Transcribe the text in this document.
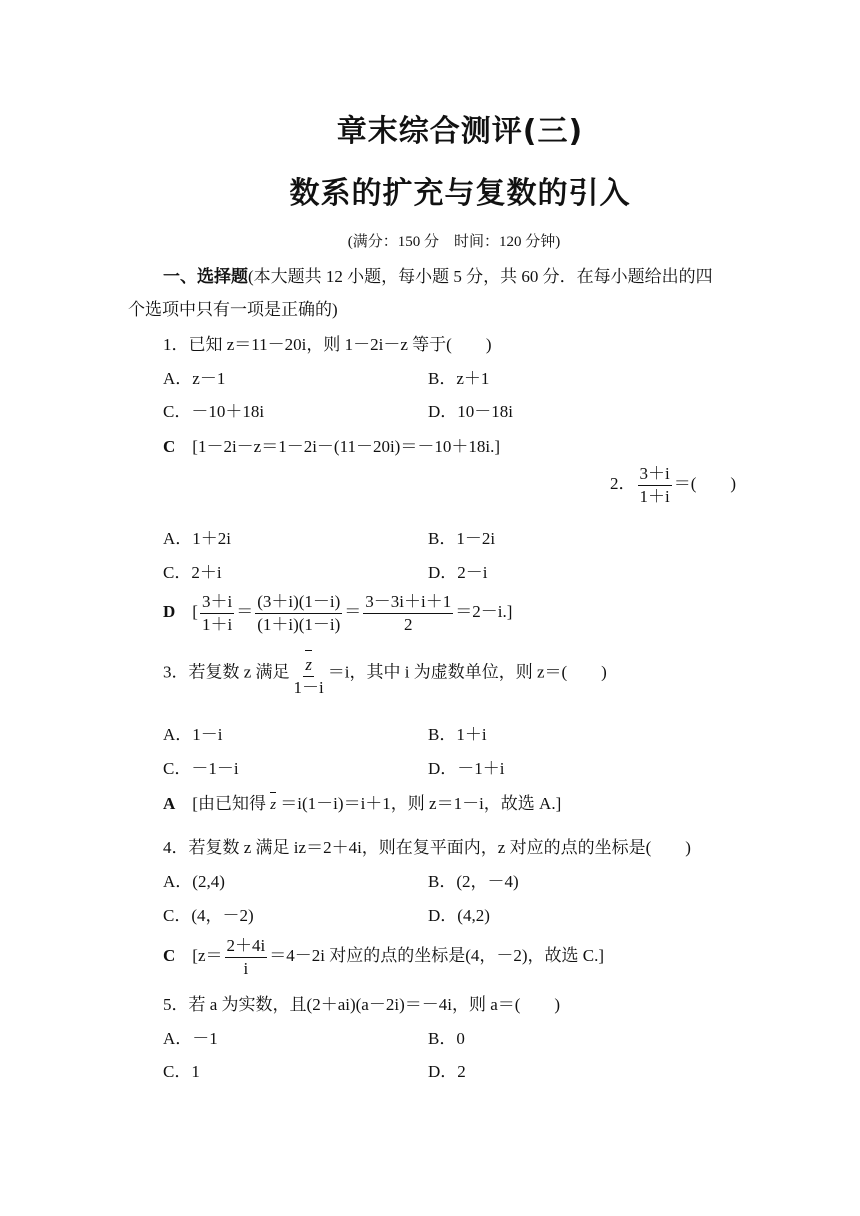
章末综合测评(三)
数系的扩充与复数的引入
(满分：150 分　时间：120 分钟)
一、选择题(本大题共 12 小题，每小题 5 分，共 60 分．在每小题给出的四
个选项中只有一项是正确的)
1．已知 z＝11－20i，则 1－2i－z 等于(　　)
A．z－1	B．z＋1
C．－10＋18i	D．10－18i
C　 [1－2i－z＝1－2i－(11－20i)＝－10＋18i.]
2． $\frac{3+i}{1+i}$ ＝(　　)
A．1＋2i	B．1－2i
C．2＋i	D．2－i
D　 [ $\frac{3+i}{1+i} = \frac{(3+i)(1-i)}{(1+i)(1-i)} = \frac{3-3i+i+1}{2} =2-i$.]
3．若复数 z 满足 $\frac{z}{1-i} =i$，其中 i 为虚数单位，则 z＝(　　)
A．1－i	B．1＋i
C．－1－i	D．－1＋i
A　 [由已知得 z ＝i(1－i)＝i＋1，则 z＝1－i，故选 A.]
4．若复数 z 满足 iz＝2＋4i，则在复平面内，z 对应的点的坐标是(　　)
A．(2,4)	B．(2，－4)
C．(4，－2)	D．(4,2)
C　 [$z= \frac{2+4i}{i} =4-2i$ 对应的点的坐标是(4，－2)，故选 C.]
5．若 a 为实数，且(2＋ai)(a－2i)＝－4i，则 a＝(　　)
A．－1	B．0
C．1	D．2
